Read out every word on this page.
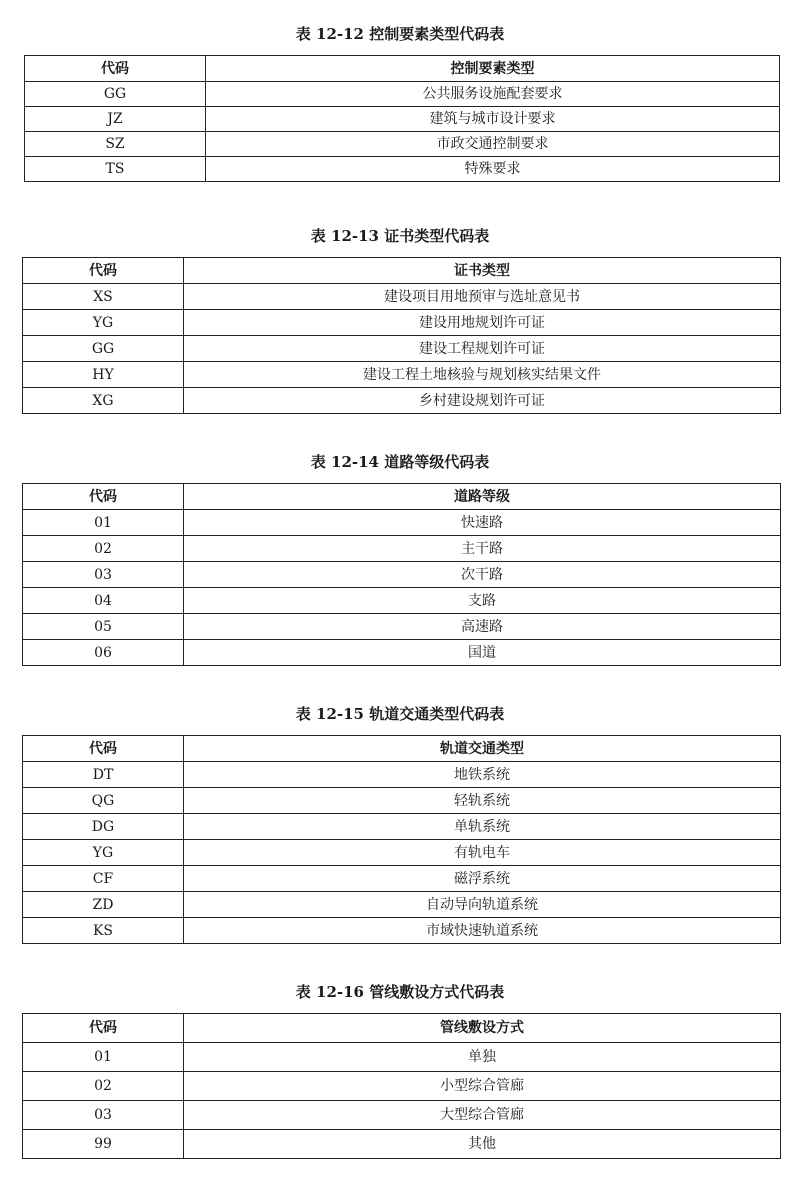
表 12-12 控制要素类型代码表
代码	控制要素类型
GG	公共服务设施配套要求
JZ	建筑与城市设计要求
SZ	市政交通控制要求
TS	特殊要求
表 12-13 证书类型代码表
代码	证书类型
XS	建设项目用地预审与选址意见书
YG	建设用地规划许可证
GG	建设工程规划许可证
HY	建设工程土地核验与规划核实结果文件
XG	乡村建设规划许可证
表 12-14 道路等级代码表
代码	道路等级
01	快速路
02	主干路
03	次干路
04	支路
05	高速路
06	国道
表 12-15 轨道交通类型代码表
代码	轨道交通类型
DT	地铁系统
QG	轻轨系统
DG	单轨系统
YG	有轨电车
CF	磁浮系统
ZD	自动导向轨道系统
KS	市域快速轨道系统
表 12-16 管线敷设方式代码表
代码	管线敷设方式
01	单独
02	小型综合管廊
03	大型综合管廊
99	其他
